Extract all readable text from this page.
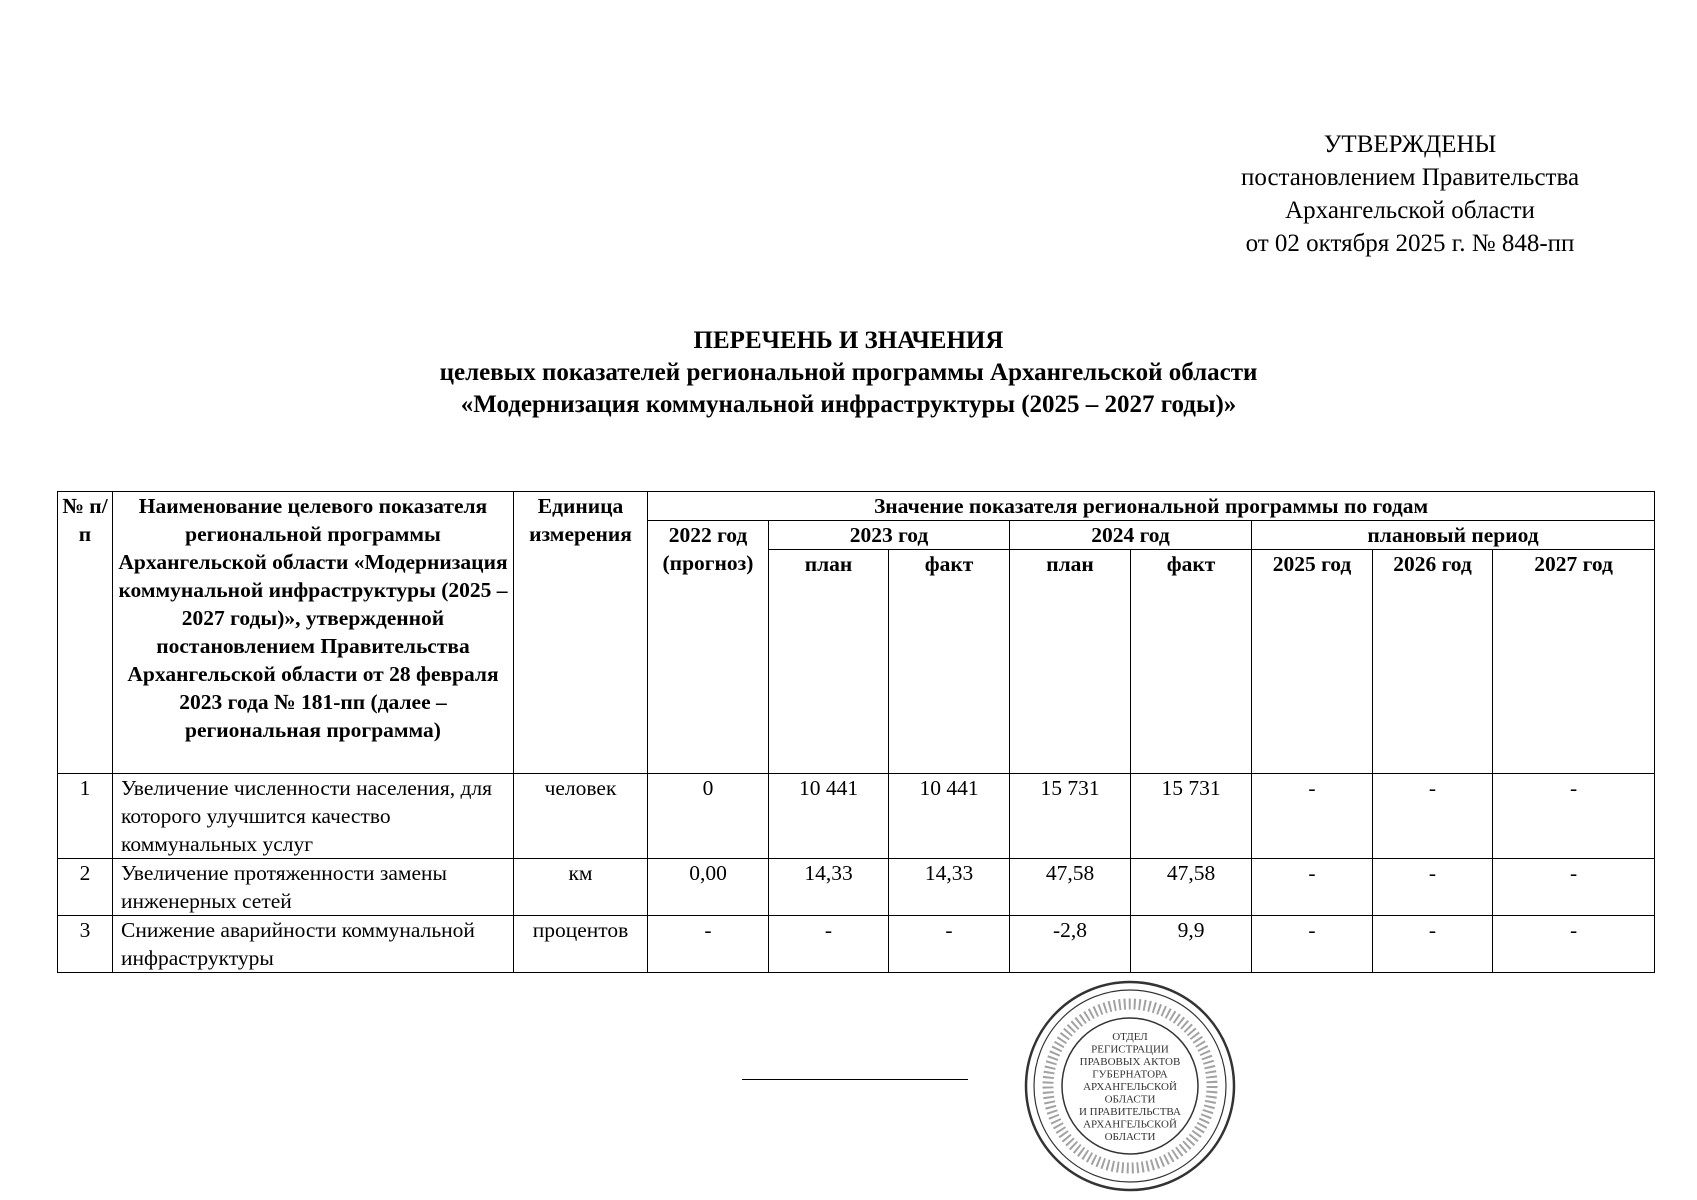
УТВЕРЖДЕНЫ
постановлением Правительства
Архангельской области
от 02 октября 2025 г. № 848-пп
ПЕРЕЧЕНЬ И ЗНАЧЕНИЯ
целевых показателей региональной программы Архангельской области
«Модернизация коммунальной инфраструктуры (2025 – 2027 годы)»
№ п/п	Наименование целевого показателя региональной программы Архангельской области «Модернизация коммунальной инфраструктуры (2025 – 2027 годы)», утвержденной постановлением Правительства Архангельской области от 28 февраля 2023 года № 181-пп (далее – региональная программа)	Единица измерения	Значение показателя региональной программы по годам							
			2022 год (прогноз)	2023 год		2024 год		плановый период		
				план	факт	план	факт	2025 год	2026 год	2027 год
1	Увеличение численности населения, для которого улучшится качество коммунальных услуг	человек	0	10 441	10 441	15 731	15 731	-	-	-
2	Увеличение протяженности замены инженерных сетей	км	0,00	14,33	14,33	47,58	47,58	-	-	-
3	Снижение аварийности коммунальной инфраструктуры	процентов	-	-	-	-2,8	9,9	-	-	-
ОТДЕЛ
РЕГИСТРАЦИИ
ПРАВОВЫХ АКТОВ
ГУБЕРНАТОРА
АРХАНГЕЛЬСКОЙ
ОБЛАСТИ
И ПРАВИТЕЛЬСТВА
АРХАНГЕЛЬСКОЙ
ОБЛАСТИ
